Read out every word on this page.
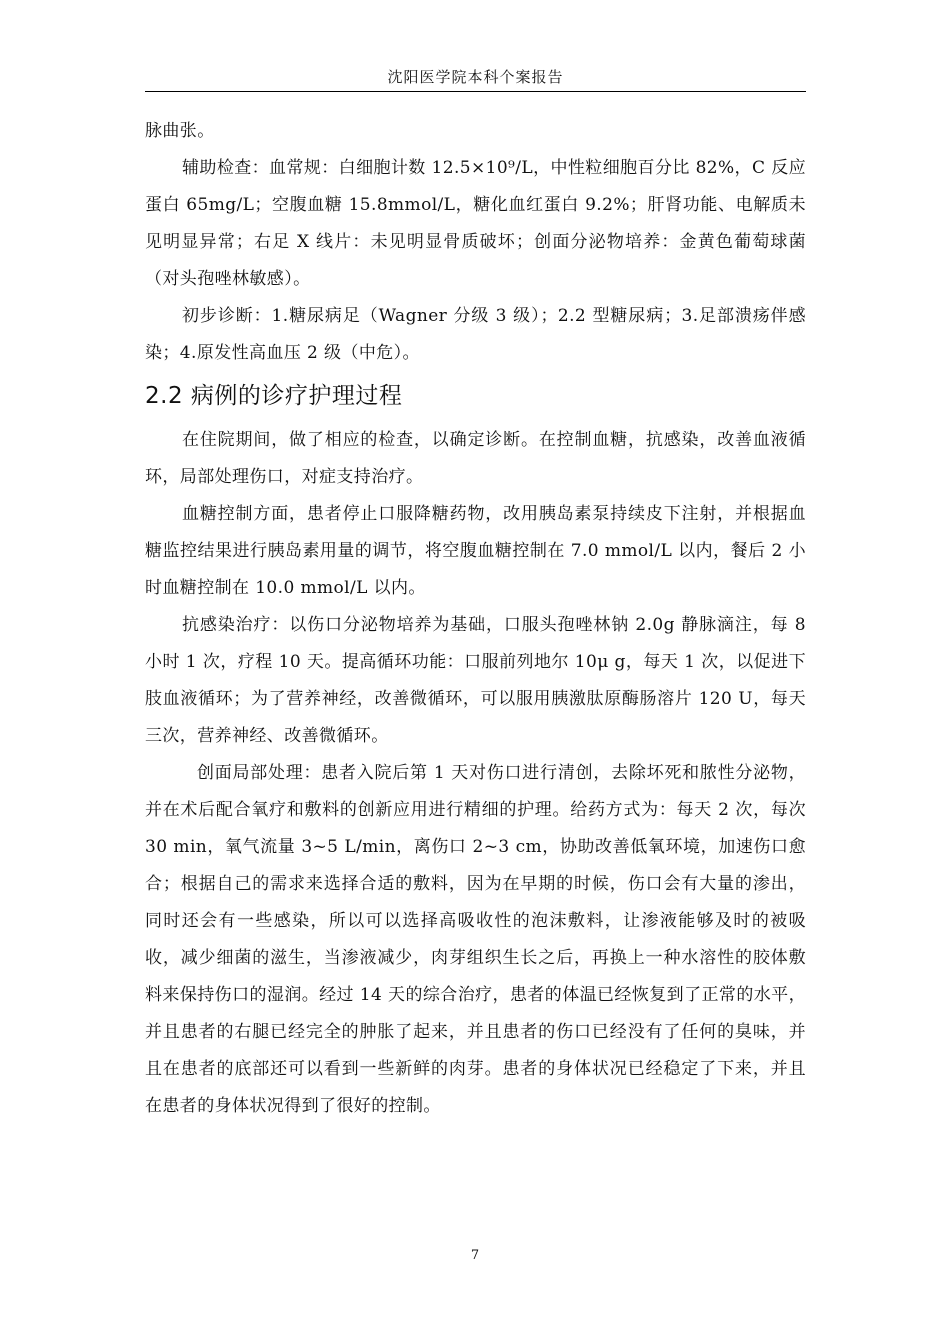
沈阳医学院本科个案报告

脉曲张。

辅助检查：血常规：白细胞计数 12.5×10⁹/L，中性粒细胞百分比 82%，C 反应蛋白 65mg/L；空腹血糖 15.8mmol/L，糖化血红蛋白 9.2%；肝肾功能、电解质未见明显异常；右足 X 线片：未见明显骨质破坏；创面分泌物培养：金黄色葡萄球菌（对头孢唑林敏感）。

初步诊断：1.糖尿病足（Wagner 分级 3 级）；2.2 型糖尿病；3.足部溃疡伴感染；4.原发性高血压 2 级（中危）。

2.2 病例的诊疗护理过程

在住院期间，做了相应的检查，以确定诊断。在控制血糖，抗感染，改善血液循环，局部处理伤口，对症支持治疗。

血糖控制方面，患者停止口服降糖药物，改用胰岛素泵持续皮下注射，并根据血糖监控结果进行胰岛素用量的调节，将空腹血糖控制在 7.0 mmol/L 以内，餐后 2 小时血糖控制在 10.0 mmol/L 以内。

抗感染治疗：以伤口分泌物培养为基础，口服头孢唑林钠 2.0g 静脉滴注，每 8 小时 1 次，疗程 10 天。提高循环功能：口服前列地尔 10μ g，每天 1 次，以促进下肢血液循环；为了营养神经，改善微循环，可以服用胰激肽原酶肠溶片 120 U，每天三次，营养神经、改善微循环。

创面局部处理：患者入院后第 1 天对伤口进行清创，去除坏死和脓性分泌物，并在术后配合氧疗和敷料的创新应用进行精细的护理。给药方式为：每天 2 次，每次 30 min，氧气流量 3~5 L/min，离伤口 2~3 cm，协助改善低氧环境，加速伤口愈合；根据自己的需求来选择合适的敷料，因为在早期的时候，伤口会有大量的渗出，同时还会有一些感染，所以可以选择高吸收性的泡沫敷料，让渗液能够及时的被吸收，减少细菌的滋生，当渗液减少，肉芽组织生长之后，再换上一种水溶性的胶体敷料来保持伤口的湿润。经过 14 天的综合治疗，患者的体温已经恢复到了正常的水平，并且患者的右腿已经完全的肿胀了起来，并且患者的伤口已经没有了任何的臭味，并且在患者的底部还可以看到一些新鲜的肉芽。患者的身体状况已经稳定了下来，并且在患者的身体状况得到了很好的控制。

7
